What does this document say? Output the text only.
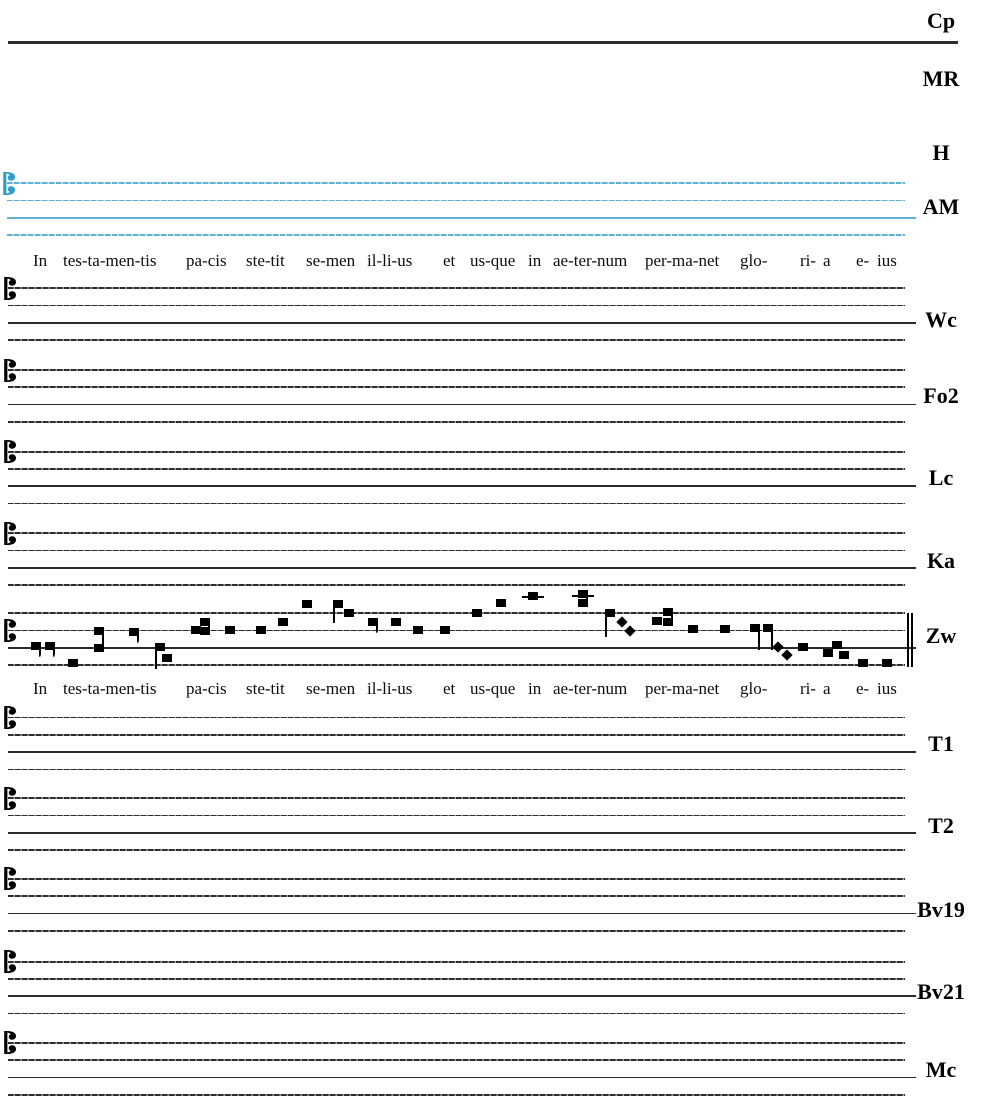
Cp
MR
H
AM
Wc
Fo2
Lc
Ka
Zw
T1
T2
Bv19
Bv21
Mc
In tes-ta-men-tis pa-cis ste-tit se-men il-li-us et us-que in ae-ter-num per-ma-net glo- ri- a e- ius
In tes-ta-men-tis pa-cis ste-tit se-men il-li-us et us-que in ae-ter-num per-ma-net glo- ri- a e- ius
